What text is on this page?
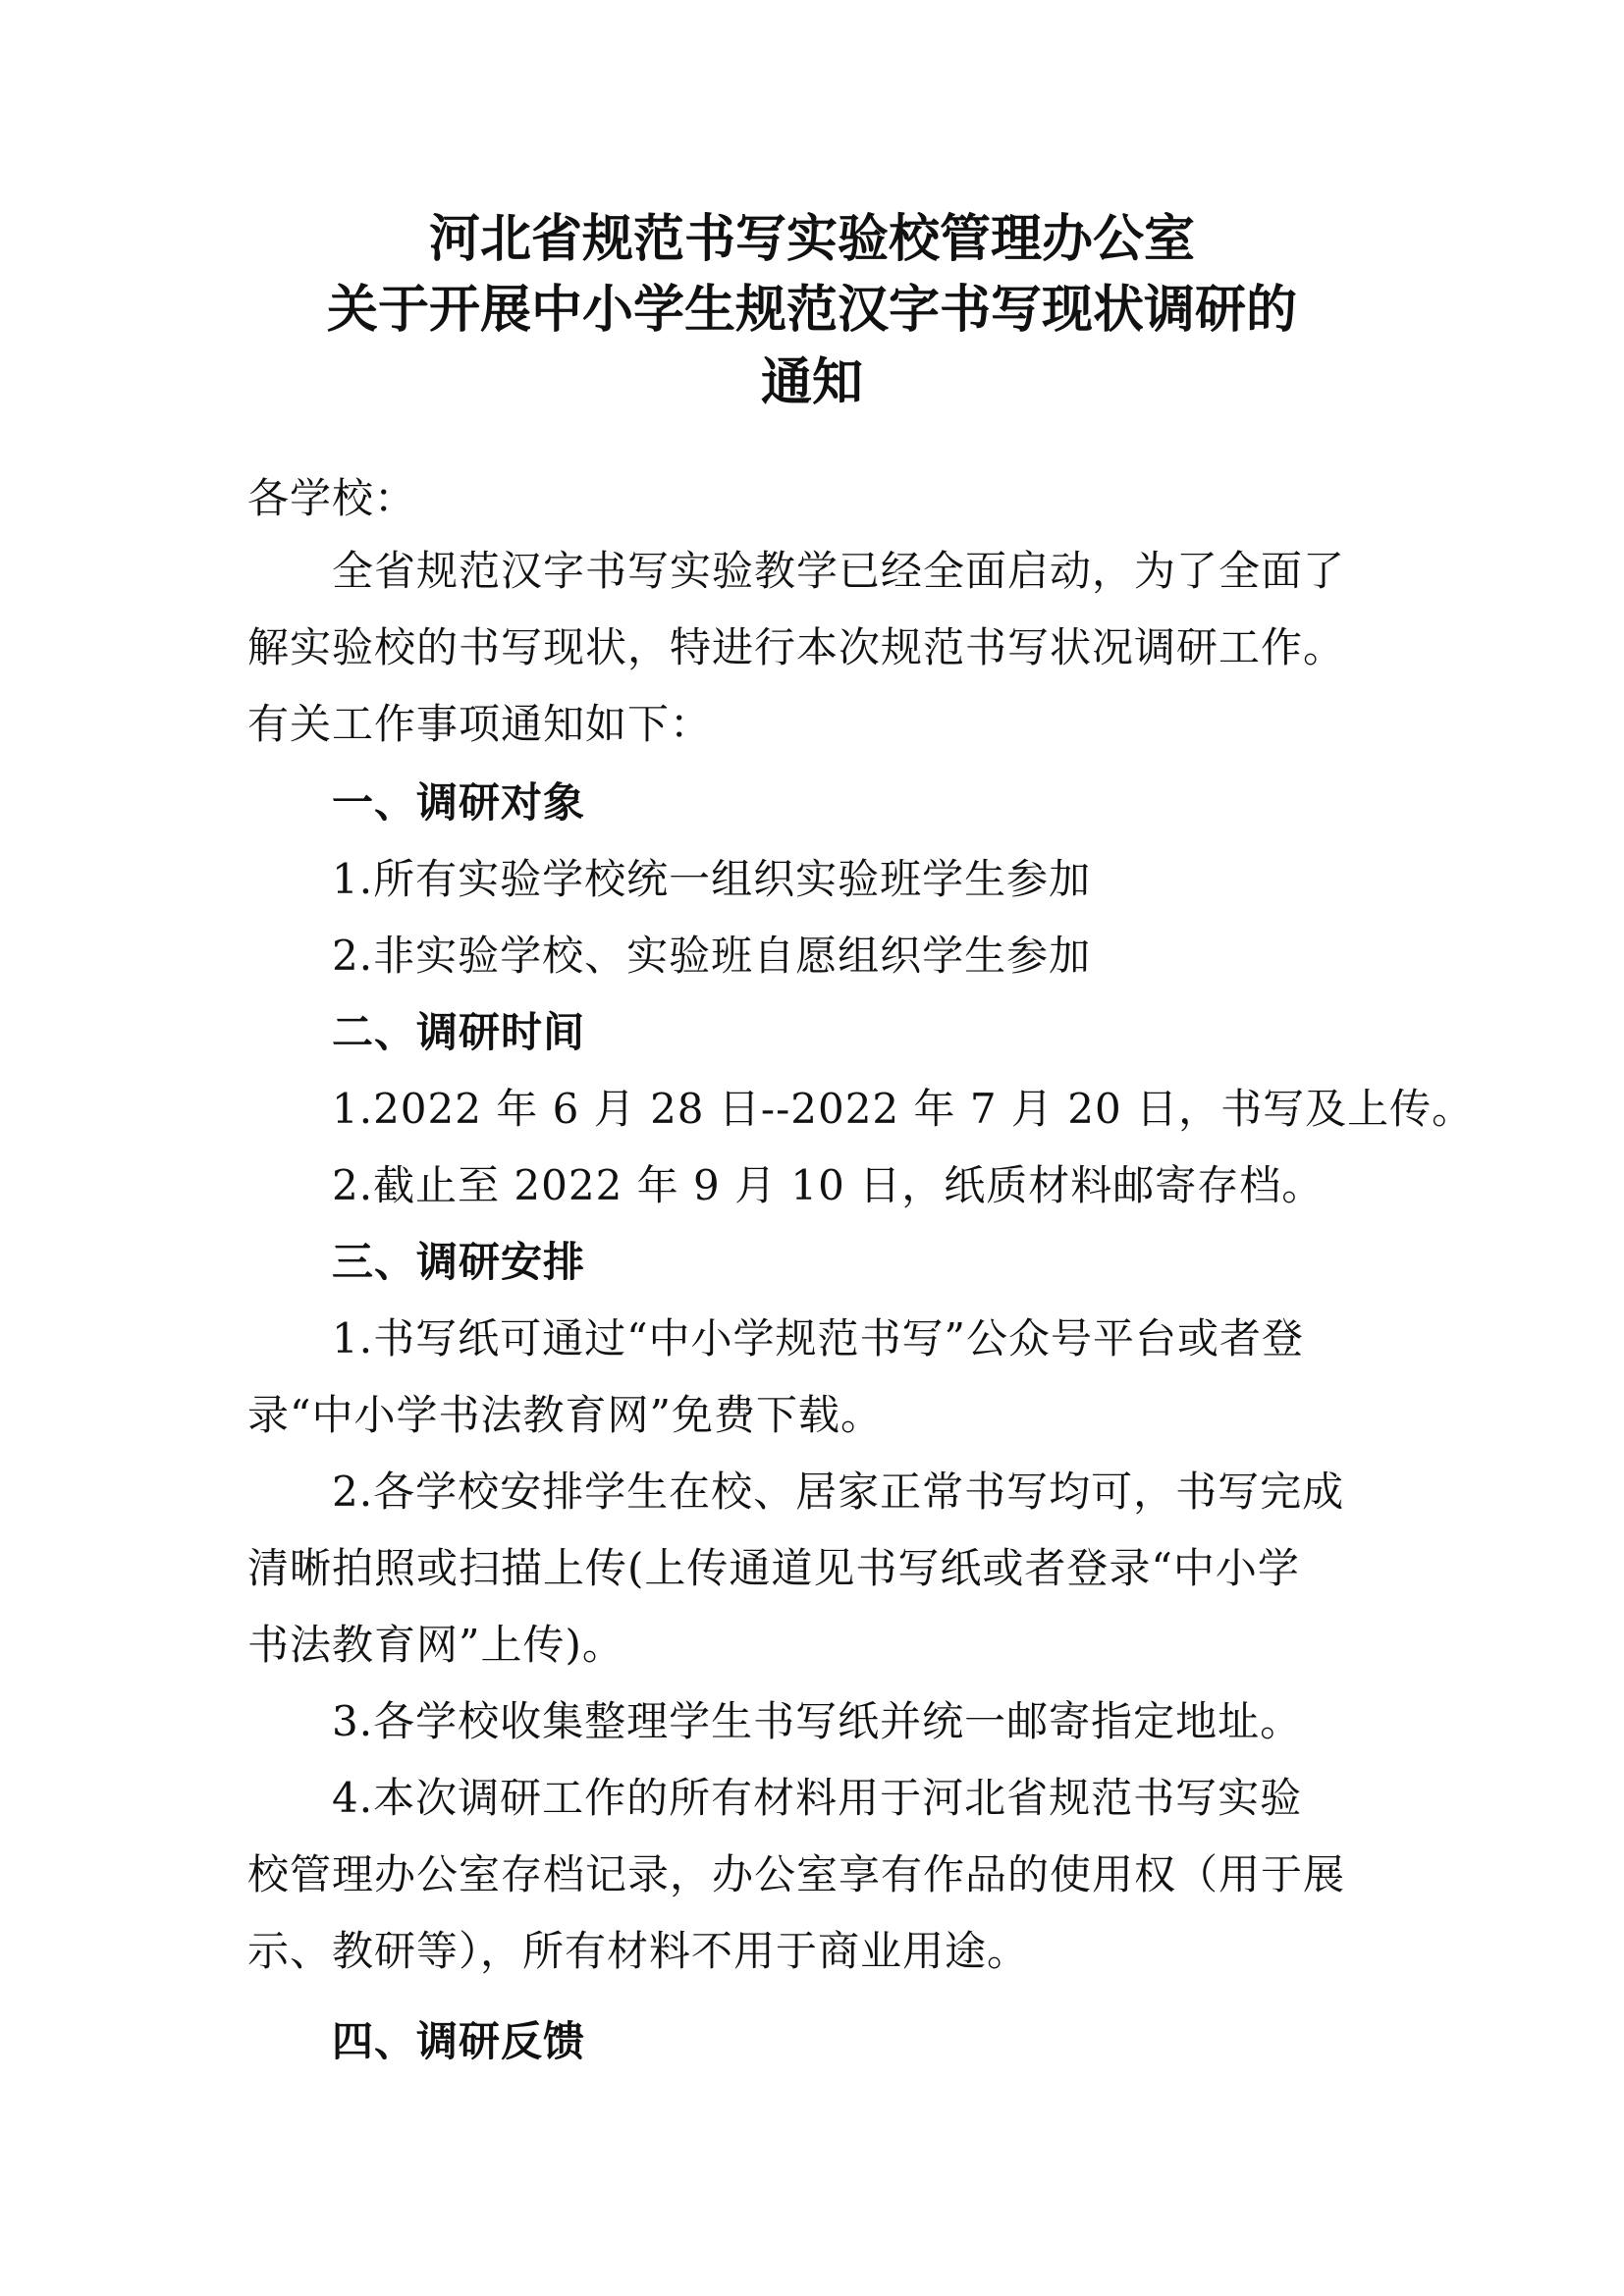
河北省规范书写实验校管理办公室
关于开展中小学生规范汉字书写现状调研的
通知

各学校：

全省规范汉字书写实验教学已经全面启动，为了全面了

解实验校的书写现状，特进行本次规范书写状况调研工作。

有关工作事项通知如下：

一、调研对象

1.所有实验学校统一组织实验班学生参加

2.非实验学校、实验班自愿组织学生参加

二、调研时间

1.2022 年 6 月 28 日--2022 年 7 月 20 日，书写及上传。

2.截止至 2022 年 9 月 10 日，纸质材料邮寄存档。

三、调研安排

1.书写纸可通过“中小学规范书写”公众号平台或者登

录“中小学书法教育网”免费下载。

2.各学校安排学生在校、居家正常书写均可，书写完成

清晰拍照或扫描上传(上传通道见书写纸或者登录“中小学

书法教育网”上传)。

3.各学校收集整理学生书写纸并统一邮寄指定地址。

4.本次调研工作的所有材料用于河北省规范书写实验

校管理办公室存档记录，办公室享有作品的使用权（用于展

示、教研等），所有材料不用于商业用途。

四、调研反馈
